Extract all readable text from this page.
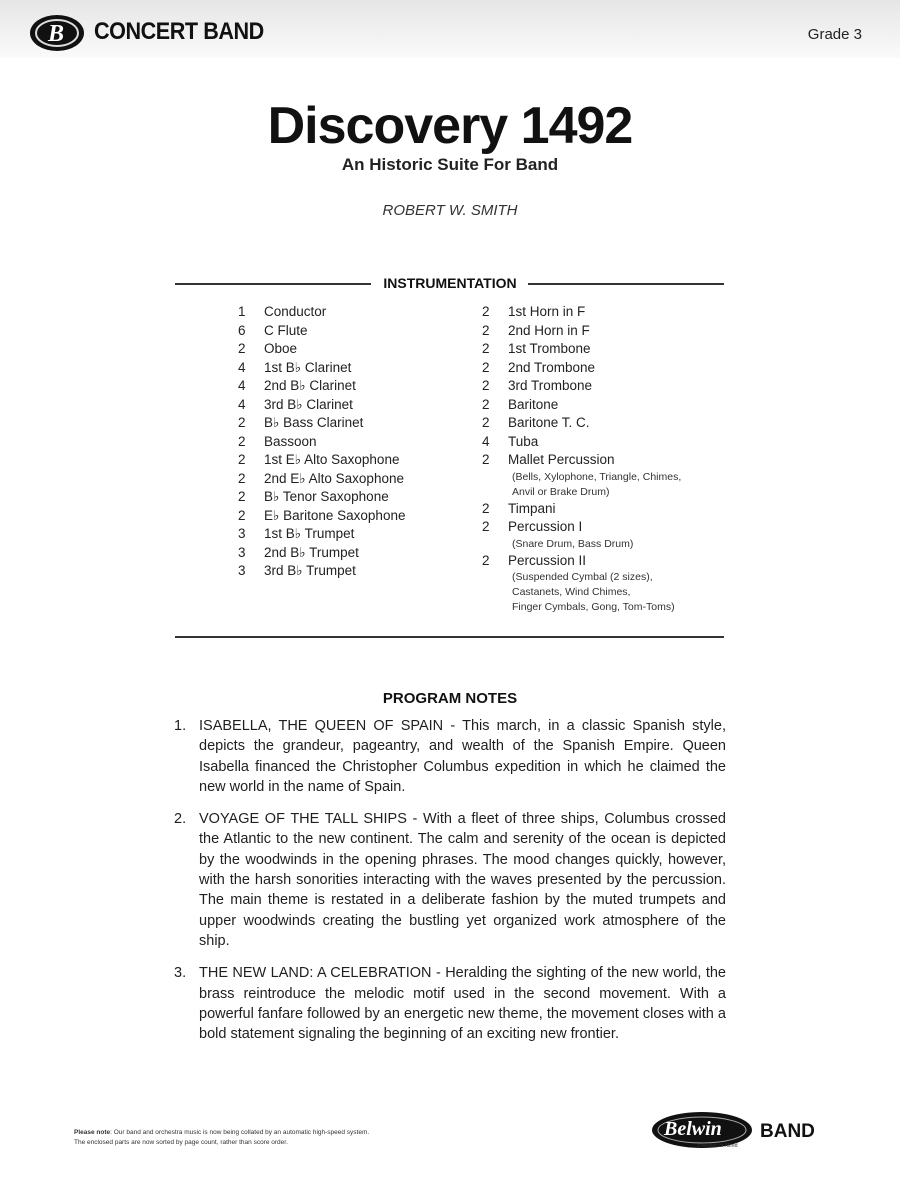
B CONCERT BAND	Grade 3
Discovery 1492
An Historic Suite For Band
ROBERT W. SMITH
INSTRUMENTATION
1	Conductor
6	C Flute
2	Oboe
4	1st B♭ Clarinet
4	2nd B♭ Clarinet
4	3rd B♭ Clarinet
2	B♭ Bass Clarinet
2	Bassoon
2	1st E♭ Alto Saxophone
2	2nd E♭ Alto Saxophone
2	B♭ Tenor Saxophone
2	E♭ Baritone Saxophone
3	1st B♭ Trumpet
3	2nd B♭ Trumpet
3	3rd B♭ Trumpet
2	1st Horn in F
2	2nd Horn in F
2	1st Trombone
2	2nd Trombone
2	3rd Trombone
2	Baritone
2	Baritone T. C.
4	Tuba
2	Mallet Percussion
(Bells, Xylophone, Triangle, Chimes,
Anvil or Brake Drum)
2	Timpani
2	Percussion I
(Snare Drum, Bass Drum)
2	Percussion II
(Suspended Cymbal (2 sizes),
Castanets, Wind Chimes,
Finger Cymbals, Gong, Tom-Toms)
PROGRAM NOTES
1. ISABELLA, THE QUEEN OF SPAIN - This march, in a classic Spanish style, depicts the grandeur, pageantry, and wealth of the Spanish Empire. Queen Isabella financed the Christopher Columbus expedition in which he claimed the new world in the name of Spain.
2. VOYAGE OF THE TALL SHIPS - With a fleet of three ships, Columbus crossed the Atlantic to the new continent. The calm and serenity of the ocean is depicted by the woodwinds in the opening phrases. The mood changes quickly, however, with the harsh sonorities interacting with the waves presented by the percussion. The main theme is restated in a deliberate fashion by the muted trumpets and upper woodwinds creating the bustling yet organized work atmosphere of the ship.
3. THE NEW LAND: A CELEBRATION - Heralding the sighting of the new world, the brass reintroduce the melodic motif used in the second movement. With a powerful fanfare followed by an energetic new theme, the movement closes with a bold statement signaling the beginning of an exciting new frontier.
Please note: Our band and orchestra music is now being collated by an automatic high-speed system.
The enclosed parts are now sorted by page count, rather than score order.
Belwin BAND
a division of Alfred
